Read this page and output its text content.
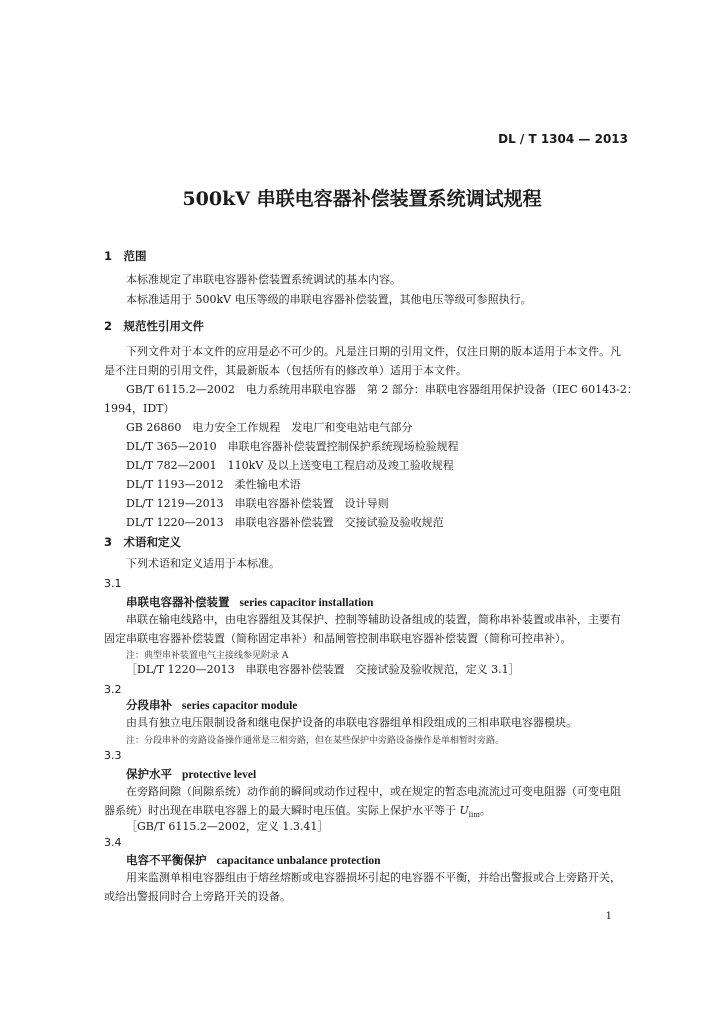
DL / T 1304 — 2013
500kV 串联电容器补偿装置系统调试规程
1　范围
本标准规定了串联电容器补偿装置系统调试的基本内容。
本标准适用于 500kV 电压等级的串联电容器补偿装置，其他电压等级可参照执行。
2　规范性引用文件
下列文件对于本文件的应用是必不可少的。凡是注日期的引用文件，仅注日期的版本适用于本文件。凡是不注日期的引用文件，其最新版本（包括所有的修改单）适用于本文件。
GB/T 6115.2—2002　电力系统用串联电容器　第 2 部分：串联电容器组用保护设备（IEC 60143-2：
1994，IDT）
GB 26860　电力安全工作规程　发电厂和变电站电气部分
DL/T 365—2010　串联电容器补偿装置控制保护系统现场检验规程
DL/T 782—2001　110kV 及以上送变电工程启动及竣工验收规程
DL/T 1193—2012　柔性输电术语
DL/T 1219—2013　串联电容器补偿装置　设计导则
DL/T 1220—2013　串联电容器补偿装置　交接试验及验收规范
3　术语和定义
下列术语和定义适用于本标准。
3.1
串联电容器补偿装置 series capacitor installation
串联在输电线路中，由电容器组及其保护、控制等辅助设备组成的装置，简称串补装置或串补，主要有固定串联电容器补偿装置（简称固定串补）和晶闸管控制串联电容器补偿装置（简称可控串补）。
注：典型串补装置电气主接线参见附录 A
［DL/T 1220—2013　串联电容器补偿装置　交接试验及验收规范，定义 3.1］
3.2
分段串补 series capacitor module
由具有独立电压限制设备和继电保护设备的串联电容器组单相段组成的三相串联电容器模块。
注：分段串补的旁路设备操作通常是三相旁路，但在某些保护中旁路设备操作是单相暂时旁路。
3.3
保护水平 protective level
在旁路间隙（间隙系统）动作前的瞬间或动作过程中，或在规定的暂态电流流过可变电阻器（可变电阻器系统）时出现在串联电容器上的最大瞬时电压值。实际上保护水平等于 $U_{lim}$。
［GB/T 6115.2—2002，定义 1.3.41］
3.4
电容不平衡保护 capacitance unbalance protection
用来监测单相电容器组由于熔丝熔断或电容器损坏引起的电容器不平衡，并给出警报或合上旁路开关，或给出警报同时合上旁路开关的设备。
1
